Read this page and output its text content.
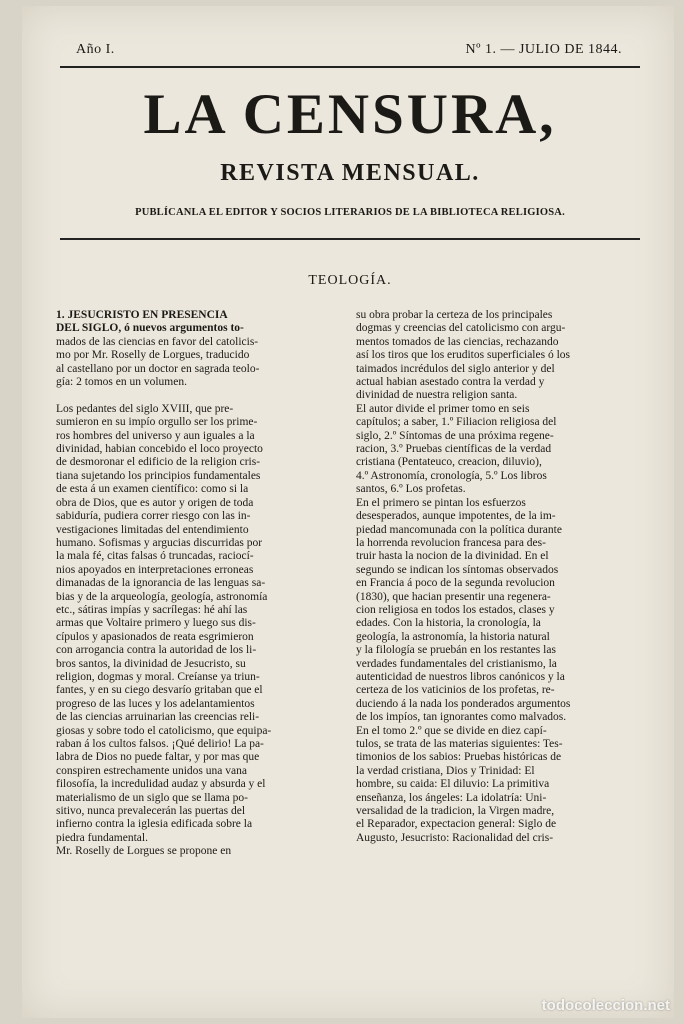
Año I.	Nº 1. — JULIO DE 1844.
LA CENSURA,
REVISTA MENSUAL.
PUBLÍCANLA EL EDITOR Y SOCIOS LITERARIOS DE LA BIBLIOTECA RELIGIOSA.
TEOLOGÍA.
1. JESUCRISTO EN PRESENCIA
DEL SIGLO, ó nuevos argumentos to-
mados de las ciencias en favor del catolicis-
mo por Mr. Roselly de Lorgues, traducido
al castellano por un doctor en sagrada teolo-
gía: 2 tomos en un volumen.

Los pedantes del siglo XVIII, que pre-
sumieron en su impío orgullo ser los prime-
ros hombres del universo y aun iguales a la
divinidad, habian concebido el loco proyecto
de desmoronar el edificio de la religion cris-
tiana sujetando los principios fundamentales
de esta á un examen científico: como si la
obra de Dios, que es autor y origen de toda
sabiduría, pudiera correr riesgo con las in-
vestigaciones limitadas del entendimiento
humano. Sofismas y argucias discurridas por
la mala fé, citas falsas ó truncadas, raciocí-
nios apoyados en interpretaciones erroneas
dimanadas de la ignorancia de las lenguas sa-
bias y de la arqueología, geología, astronomía
etc., sátiras impías y sacrílegas: hé ahí las
armas que Voltaire primero y luego sus dis-
cípulos y apasionados de reata esgrimieron
con arrogancia contra la autoridad de los li-
bros santos, la divinidad de Jesucristo, su
religion, dogmas y moral. Creíanse ya triun-
fantes, y en su ciego desvarío gritaban que el
progreso de las luces y los adelantamientos
de las ciencias arruinarian las creencias reli-
giosas y sobre todo el catolicismo, que equipa-
raban á los cultos falsos. ¡Qué delirio! La pa-
labra de Dios no puede faltar, y por mas que
conspiren estrechamente unidos una vana
filosofía, la incredulidad audaz y absurda y el
materialismo de un siglo que se llama po-
sitivo, nunca prevalecerán las puertas del
infierno contra la iglesia edificada sobre la
piedra fundamental.
Mr. Roselly de Lorgues se propone en
su obra probar la certeza de los principales
dogmas y creencias del catolicismo con argu-
mentos tomados de las ciencias, rechazando
así los tiros que los eruditos superficiales ó los
taimados incrédulos del siglo anterior y del
actual habian asestado contra la verdad y
divinidad de nuestra religion santa.
El autor divide el primer tomo en seis
capítulos; a saber, 1.º Filiacion religiosa del
siglo, 2.º Síntomas de una próxima regene-
racion, 3.º Pruebas científicas de la verdad
cristiana (Pentateuco, creacion, diluvio),
4.º Astronomía, cronología, 5.º Los libros
santos, 6.º Los profetas.
En el primero se pintan los esfuerzos
desesperados, aunque impotentes, de la im-
piedad mancomunada con la política durante
la horrenda revolucion francesa para des-
truir hasta la nocion de la divinidad. En el
segundo se indican los síntomas observados
en Francia á poco de la segunda revolucion
(1830), que hacian presentir una regenera-
cion religiosa en todos los estados, clases y
edades. Con la historia, la cronología, la
geología, la astronomía, la historia natural
y la filología se pruebán en los restantes las
verdades fundamentales del cristianismo, la
autenticidad de nuestros libros canónicos y la
certeza de los vaticinios de los profetas, re-
duciendo á la nada los ponderados argumentos
de los impíos, tan ignorantes como malvados.
En el tomo 2.º que se divide en diez capí-
tulos, se trata de las materias siguientes: Tes-
timonios de los sabios: Pruebas históricas de
la verdad cristiana, Dios y Trinidad: El
hombre, su caida: El diluvio: La primitiva
enseñanza, los ángeles: La idolatría: Uni-
versalidad de la tradicion, la Virgen madre,
el Reparador, expectacion general: Siglo de
Augusto, Jesucristo: Racionalidad del cris-
todocoleccion.net
